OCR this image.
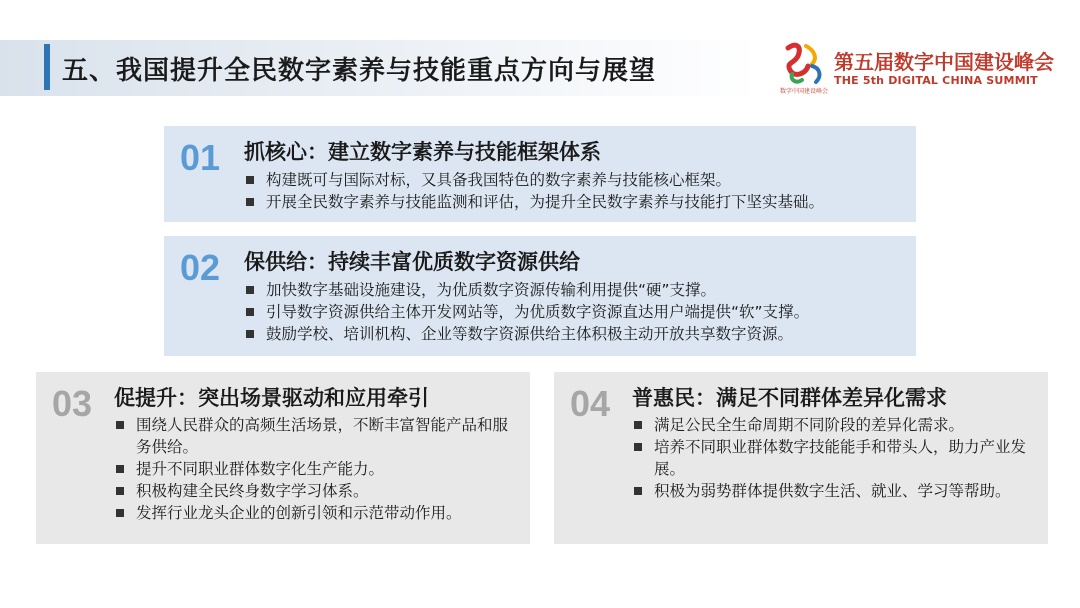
五、我国提升全民数字素养与技能重点方向与展望
数字中国建设峰会
第五届数字中国建设峰会
THE 5th DIGITAL CHINA SUMMIT
01 抓核心：建立数字素养与技能框架体系
构建既可与国际对标，又具备我国特色的数字素养与技能核心框架。
开展全民数字素养与技能监测和评估，为提升全民数字素养与技能打下坚实基础。
02 保供给：持续丰富优质数字资源供给
加快数字基础设施建设，为优质数字资源传输利用提供“硬”支撑。
引导数字资源供给主体开发网站等，为优质数字资源直达用户端提供“软”支撑。
鼓励学校、培训机构、企业等数字资源供给主体积极主动开放共享数字资源。
03 促提升：突出场景驱动和应用牵引
围绕人民群众的高频生活场景，不断丰富智能产品和服务供给。
提升不同职业群体数字化生产能力。
积极构建全民终身数字学习体系。
发挥行业龙头企业的创新引领和示范带动作用。
04 普惠民：满足不同群体差异化需求
满足公民全生命周期不同阶段的差异化需求。
培养不同职业群体数字技能能手和带头人，助力产业发展。
积极为弱势群体提供数字生活、就业、学习等帮助。
